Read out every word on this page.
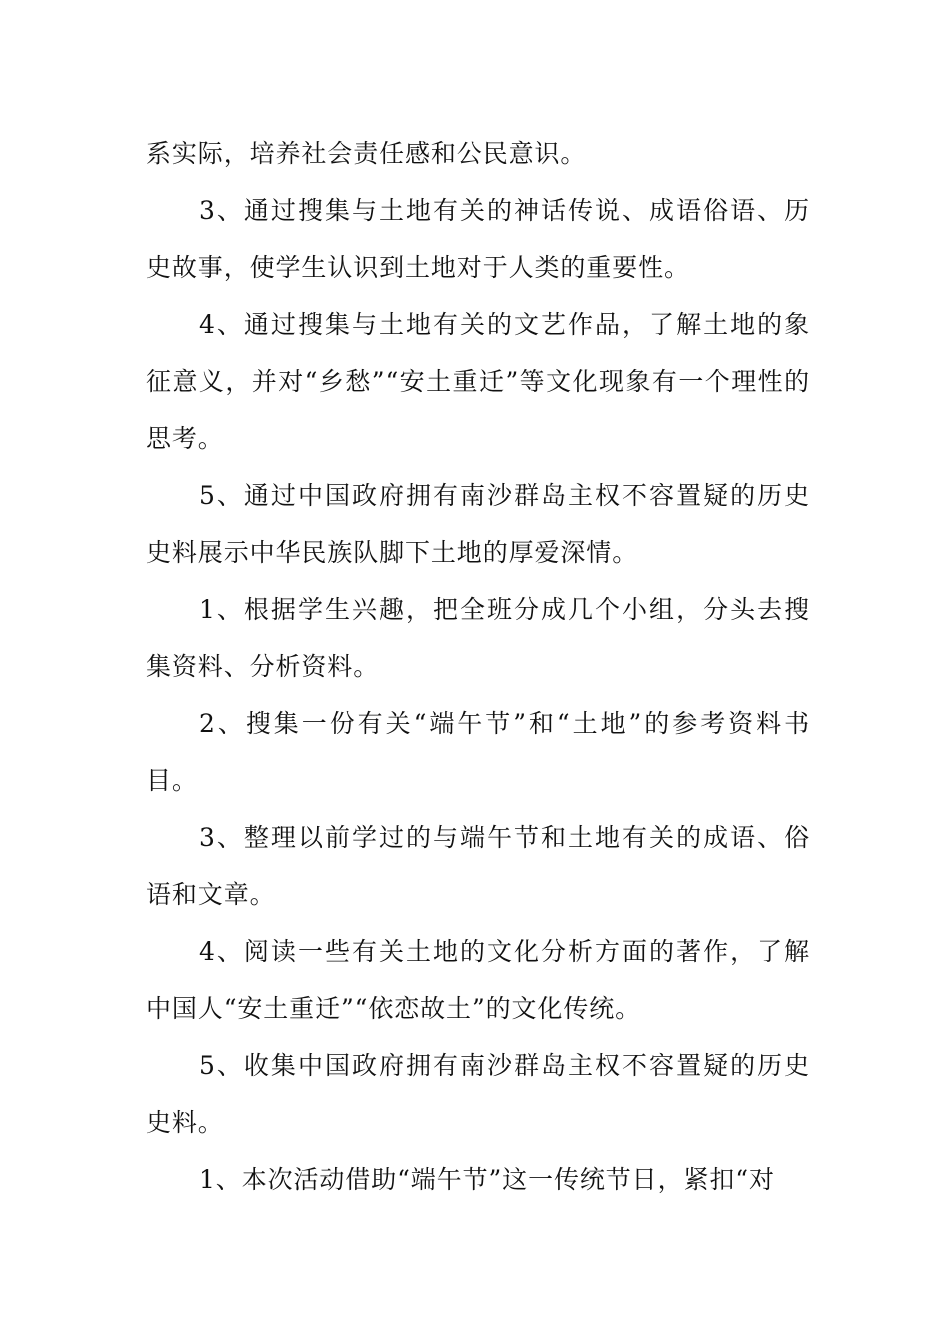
系实际，培养社会责任感和公民意识。

3、通过搜集与土地有关的神话传说、成语俗语、历史故事，使学生认识到土地对于人类的重要性。

4、通过搜集与土地有关的文艺作品，了解土地的象征意义，并对“乡愁”“安土重迁”等文化现象有一个理性的思考。

5、通过中国政府拥有南沙群岛主权不容置疑的历史史料展示中华民族队脚下土地的厚爱深情。

1、根据学生兴趣，把全班分成几个小组，分头去搜集资料、分析资料。

2、搜集一份有关“端午节”和“土地”的参考资料书目。

3、整理以前学过的与端午节和土地有关的成语、俗语和文章。

4、阅读一些有关土地的文化分析方面的著作，了解中国人“安土重迁”“依恋故土”的文化传统。

5、收集中国政府拥有南沙群岛主权不容置疑的历史史料。

1、本次活动借助“端午节”这一传统节日，紧扣“对
